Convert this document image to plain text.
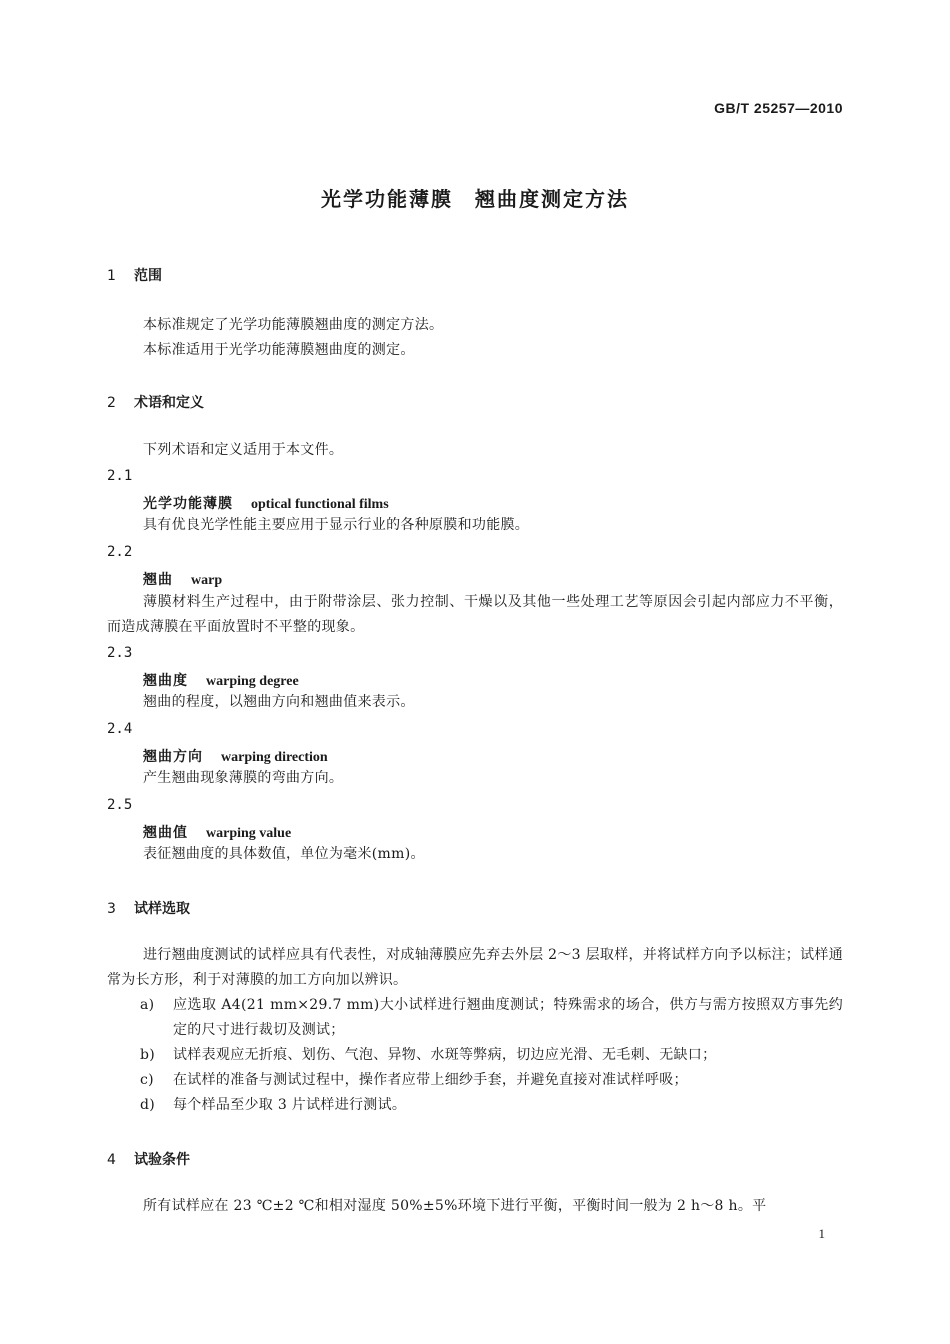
GB/T 25257—2010
光学功能薄膜　翘曲度测定方法
1 范围
本标准规定了光学功能薄膜翘曲度的测定方法。
本标准适用于光学功能薄膜翘曲度的测定。
2 术语和定义
下列术语和定义适用于本文件。
2.1
光学功能薄膜 optical functional films
具有优良光学性能主要应用于显示行业的各种原膜和功能膜。
2.2
翘曲 warp
薄膜材料生产过程中，由于附带涂层、张力控制、干燥以及其他一些处理工艺等原因会引起内部应力不平衡，而造成薄膜在平面放置时不平整的现象。
2.3
翘曲度 warping degree
翘曲的程度，以翘曲方向和翘曲值来表示。
2.4
翘曲方向 warping direction
产生翘曲现象薄膜的弯曲方向。
2.5
翘曲值 warping value
表征翘曲度的具体数值，单位为毫米(mm)。
3 试样选取
进行翘曲度测试的试样应具有代表性，对成轴薄膜应先弃去外层 2～3 层取样，并将试样方向予以标注；试样通常为长方形，利于对薄膜的加工方向加以辨识。
a) 应选取 A4(21 mm×29.7 mm)大小试样进行翘曲度测试；特殊需求的场合，供方与需方按照双方事先约定的尺寸进行裁切及测试；
b) 试样表观应无折痕、划伤、气泡、异物、水斑等弊病，切边应光滑、无毛刺、无缺口；
c) 在试样的准备与测试过程中，操作者应带上细纱手套，并避免直接对准试样呼吸；
d) 每个样品至少取 3 片试样进行测试。
4 试验条件
所有试样应在 23 ℃±2 ℃和相对湿度 50%±5%环境下进行平衡，平衡时间一般为 2 h～8 h。平
1
